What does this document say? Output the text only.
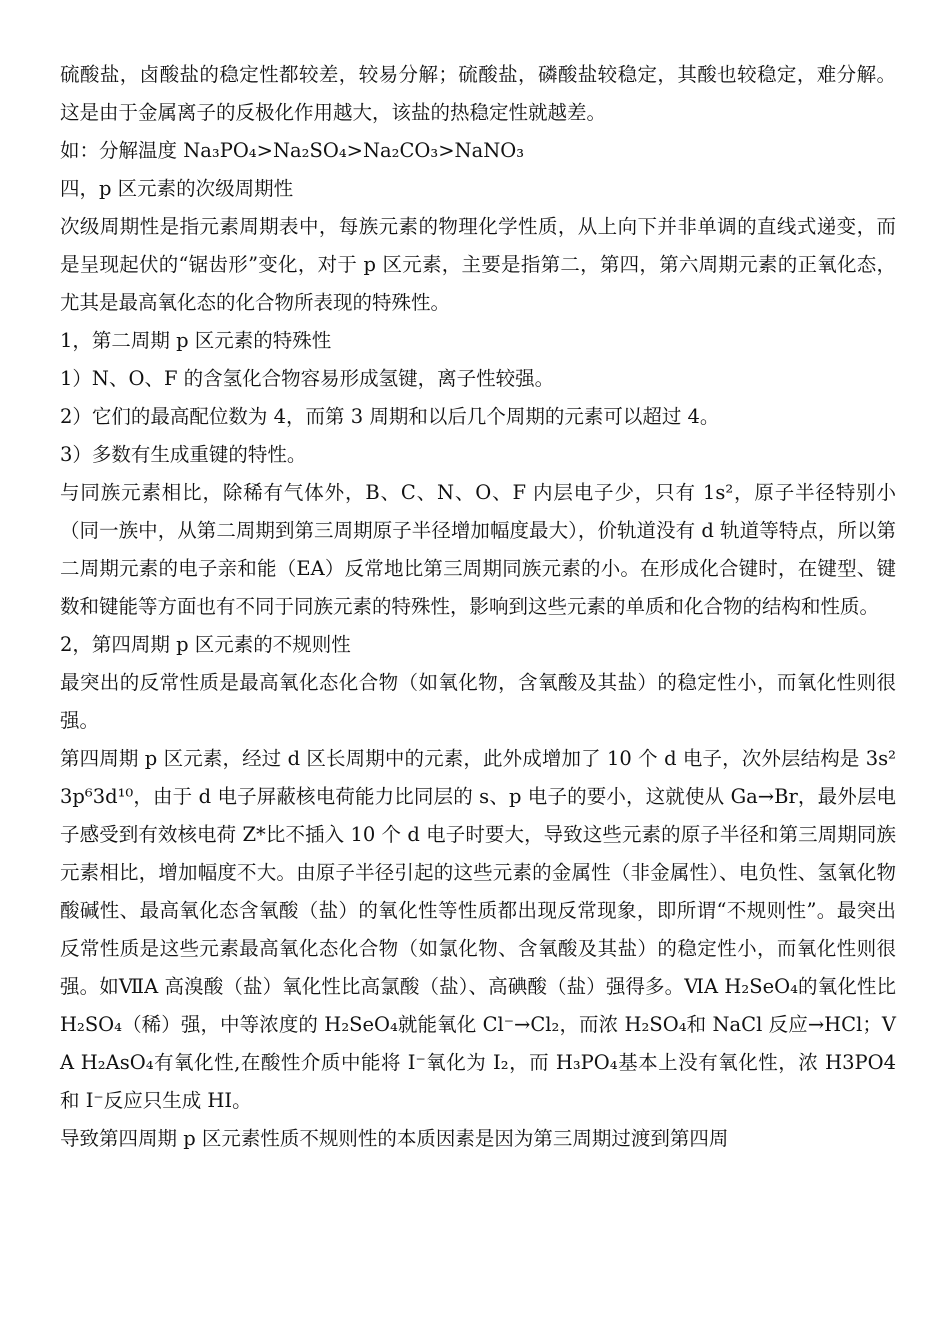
硫酸盐，卤酸盐的稳定性都较差，较易分解；硫酸盐，磷酸盐较稳定，其酸也较稳定，难分解。这是由于金属离子的反极化作用越大，该盐的热稳定性就越差。

如：分解温度 Na₃PO₄>Na₂SO₄>Na₂CO₃>NaNO₃

四，p 区元素的次级周期性

次级周期性是指元素周期表中，每族元素的物理化学性质，从上向下并非单调的直线式递变，而是呈现起伏的“锯齿形”变化，对于 p 区元素，主要是指第二，第四，第六周期元素的正氧化态，尤其是最高氧化态的化合物所表现的特殊性。

1，第二周期 p 区元素的特殊性

1）N、O、F 的含氢化合物容易形成氢键，离子性较强。

2）它们的最高配位数为 4，而第 3 周期和以后几个周期的元素可以超过 4。

3）多数有生成重键的特性。

与同族元素相比，除稀有气体外，B、C、N、O、F 内层电子少，只有 1s²，原子半径特别小（同一族中，从第二周期到第三周期原子半径增加幅度最大），价轨道没有 d 轨道等特点，所以第二周期元素的电子亲和能（EA）反常地比第三周期同族元素的小。在形成化合键时，在键型、键数和键能等方面也有不同于同族元素的特殊性，影响到这些元素的单质和化合物的结构和性质。

2，第四周期 p 区元素的不规则性

最突出的反常性质是最高氧化态化合物（如氧化物，含氧酸及其盐）的稳定性小，而氧化性则很强。

第四周期 p 区元素，经过 d 区长周期中的元素，此外成增加了 10 个 d 电子，次外层结构是 3s²3p⁶3d¹⁰，由于 d 电子屏蔽核电荷能力比同层的 s、p 电子的要小，这就使从 Ga→Br，最外层电子感受到有效核电荷 Z*比不插入 10 个 d 电子时要大，导致这些元素的原子半径和第三周期同族元素相比，增加幅度不大。由原子半径引起的这些元素的金属性（非金属性）、电负性、氢氧化物酸碱性、最高氧化态含氧酸（盐）的氧化性等性质都出现反常现象，即所谓“不规则性”。最突出反常性质是这些元素最高氧化态化合物（如氯化物、含氧酸及其盐）的稳定性小，而氧化性则很强。如ⅦA 高溴酸（盐）氧化性比高氯酸（盐）、高碘酸（盐）强得多。ⅥA H₂SeO₄的氧化性比 H₂SO₄（稀）强，中等浓度的 H₂SeO₄就能氧化 Cl⁻→Cl₂，而浓 H₂SO₄和 NaCl 反应→HCl；ⅤA H₂AsO₄有氧化性,在酸性介质中能将 I⁻氧化为 I₂，而 H₃PO₄基本上没有氧化性，浓 H3PO4 和 I⁻反应只生成 HI。

导致第四周期 p 区元素性质不规则性的本质因素是因为第三周期过渡到第四周
